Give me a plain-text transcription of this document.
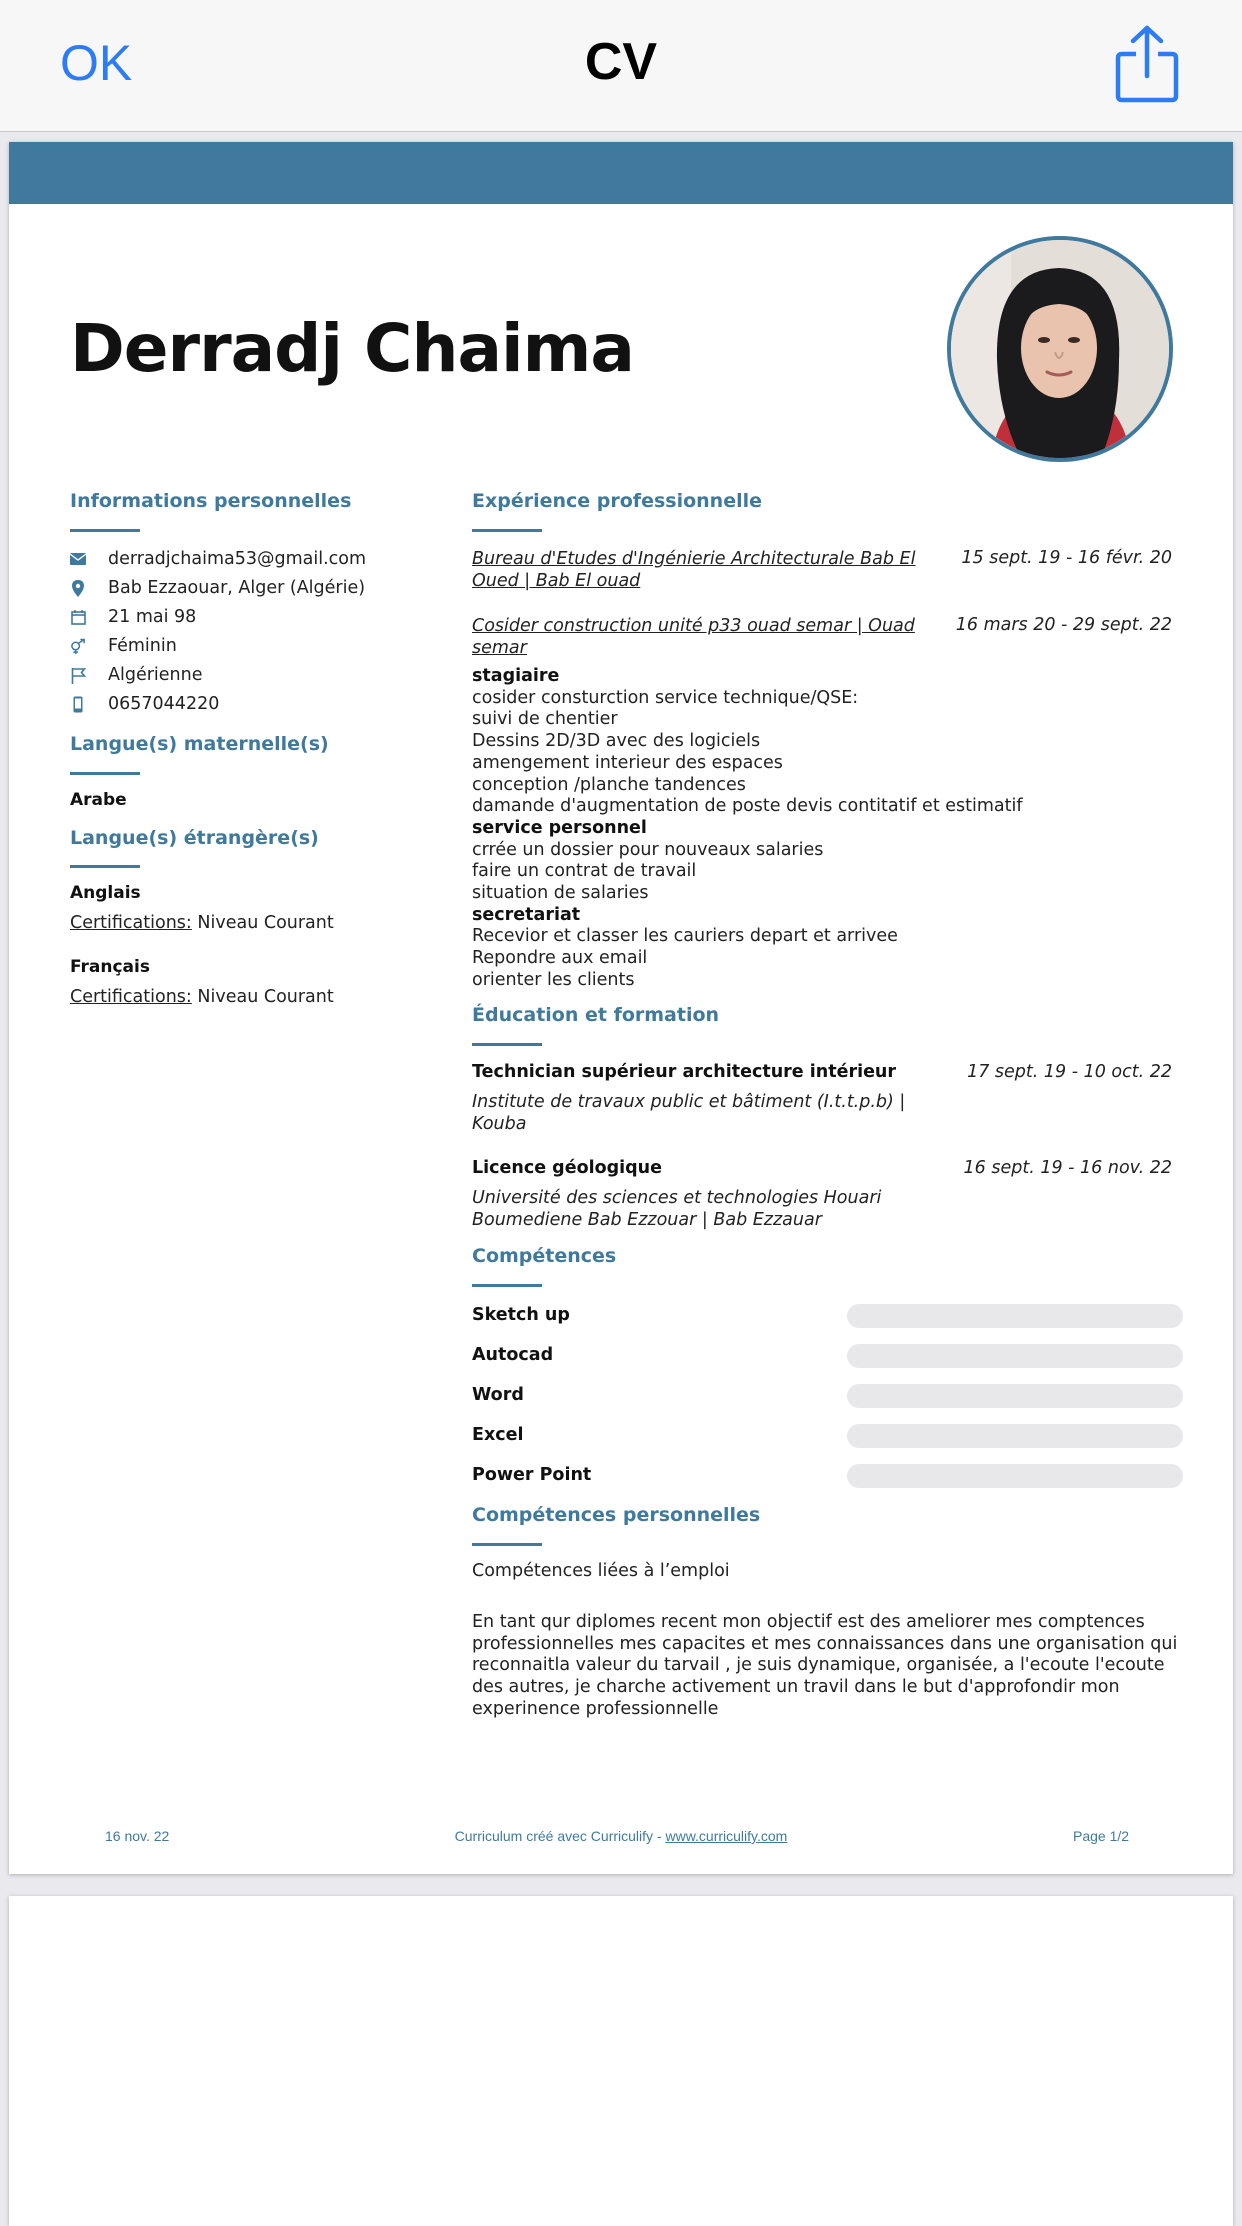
OK	CV
Derradj Chaima
Informations personnelles
derradjchaima53@gmail.com
Bab Ezzaouar, Alger (Algérie)
21 mai 98
Féminin
Algérienne
0657044220
Langue(s) maternelle(s)
Arabe
Langue(s) étrangère(s)
Anglais
Certifications: Niveau Courant
Français
Certifications: Niveau Courant
Expérience professionnelle
Bureau d'Etudes d'Ingénierie Architecturale Bab El Oued | Bab El ouad
15 sept. 19 - 16 févr. 20
Cosider construction unité p33 ouad semar | Ouad semar
16 mars 20 - 29 sept. 22
stagiaire
cosider consturction service technique/QSE:
suivi de chentier
Dessins 2D/3D avec des logiciels
amengement interieur des espaces
conception /planche tandences
damande d'augmentation de poste devis contitatif et estimatif
service personnel
crrée un dossier pour nouveaux salaries
faire un contrat de travail
situation de salaries
secretariat
Recevior et classer les cauriers depart et arrivee
Repondre aux email
orienter les clients
Éducation et formation
Technician supérieur architecture intérieur	17 sept. 19 - 10 oct. 22
Institute de travaux public et bâtiment (I.t.t.p.b) | Kouba
Licence géologique	16 sept. 19 - 16 nov. 22
Université des sciences et technologies Houari Boumediene Bab Ezzouar | Bab Ezzauar
Compétences
Sketch up
Autocad
Word
Excel
Power Point
Compétences personnelles
Compétences liées à l’emploi
En tant qur diplomes recent mon objectif est des ameliorer mes comptences professionnelles mes capacites et mes connaissances dans une organisation qui reconnaitla valeur du tarvail , je suis dynamique, organisée, a l'ecoute l'ecoute des autres, je charche activement un travil dans le but d'approfondir mon experinence professionnelle
16 nov. 22	Curriculum créé avec Curriculify - www.curriculify.com	Page 1/2
